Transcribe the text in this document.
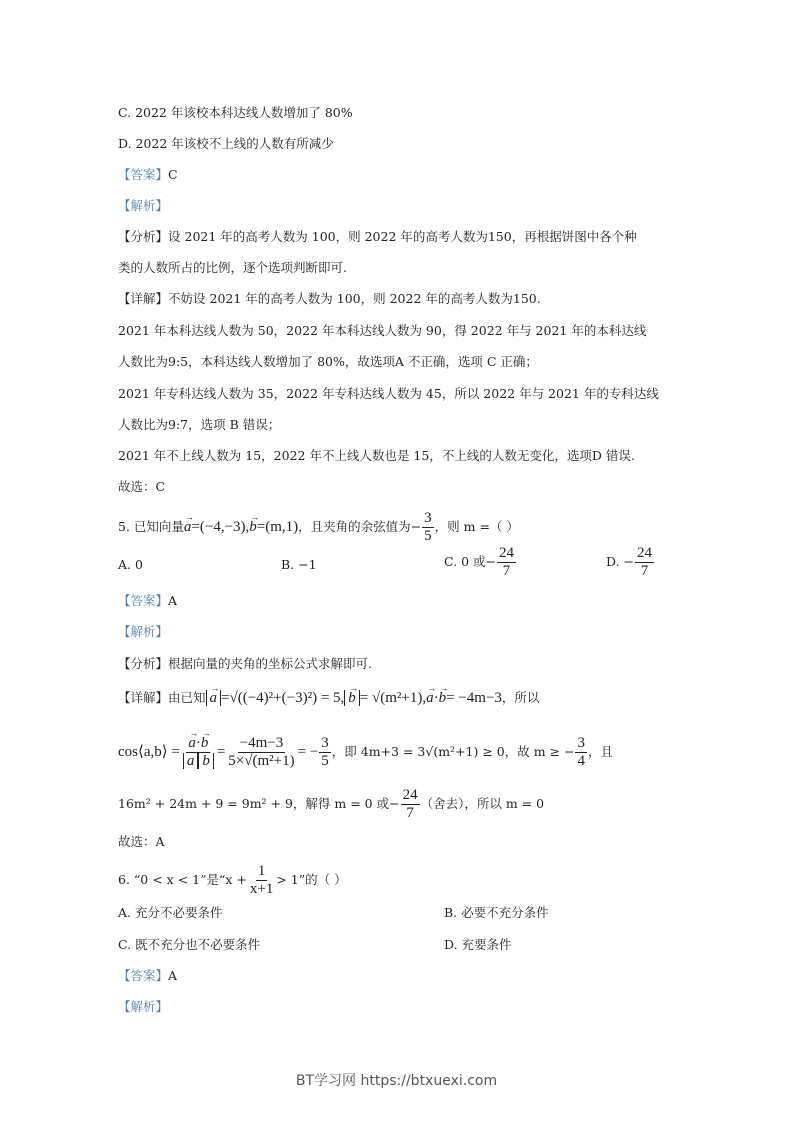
C. 2022 年该校本科达线人数增加了 80%
D. 2022 年该校不上线的人数有所减少
【答案】C
【解析】
【分析】设 2021 年的高考人数为 100，则 2022 年的高考人数为150，再根据饼图中各个种
类的人数所占的比例，逐个选项判断即可.
【详解】不妨设 2021 年的高考人数为 100，则 2022 年的高考人数为150.
2021 年本科达线人数为 50，2022 年本科达线人数为 90，得 2022 年与 2021 年的本科达线
人数比为9:5，本科达线人数增加了 80%，故选项A 不正确，选项 C 正确；
2021 年专科达线人数为 35，2022 年专科达线人数为 45，所以 2022 年与 2021 年的专科达线
人数比为9:7，选项 B 错误；
2021 年不上线人数为 15，2022 年不上线人数也是 15，不上线的人数无变化，选项D 错误.
故选：C
5. 已知向量→ a=(−4,−3),→ b=(m,1)，且夹角的余弦值为− $\frac{3}{5}$ ，则 m =（ ）
A. 0	B. −1	C. 0 或− $\frac{24}{7}$	D. − $\frac{24}{7}$
【答案】A
【解析】
【分析】根据向量的夹角的坐标公式求解即可.
【详解】由已知 → a =√((−4)²+(−3)²) = 5, → b = √(m²+1),→ a·→ b= −4m−3，所以
cos⟨a,b⟩ = → a·→ b
→ $a \to b = \frac{-4m-3}{\text{5×√(m²+1)}}$ = − $\frac{3}{5}$ ，即 4m+3 = 3√(m²+1) ≥ 0，故 m ≥ − $\frac{3}{4}$ ，且
16m² + 24m + 9 = 9m² + 9，解得 m = 0 或− $\frac{24}{7}$ （舍去），所以 m = 0
故选：A
6. “0 < x < 1”是“$x + \frac{1}{x+1} > 1$”的（ ）
A. 充分不必要条件	B. 必要不充分条件
C. 既不充分也不必要条件	D. 充要条件
【答案】A
【解析】
BT学习网 https://btxuexi.com
